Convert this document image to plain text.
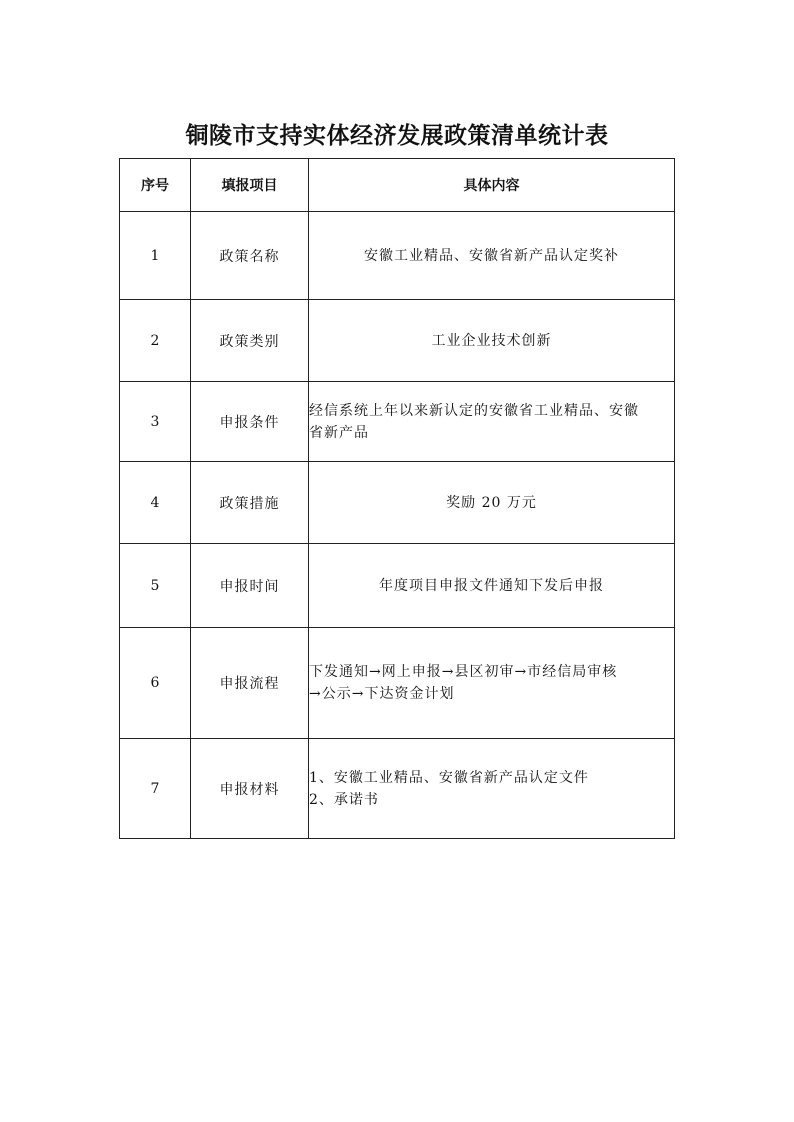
铜陵市支持实体经济发展政策清单统计表
序号	填报项目	具体内容
1	政策名称	安徽工业精品、安徽省新产品认定奖补

2	政策类别	工业企业技术创新

3	申报条件	经信系统上年以来新认定的安徽省工业精品、安徽
省新产品

4	政策措施	奖励 20 万元

5	申报时间	年度项目申报文件通知下发后申报

6	申报流程	下发通知→网上申报→县区初审→市经信局审核
→公示→下达资金计划

7	申报材料	1、安徽工业精品、安徽省新产品认定文件
2、承诺书
